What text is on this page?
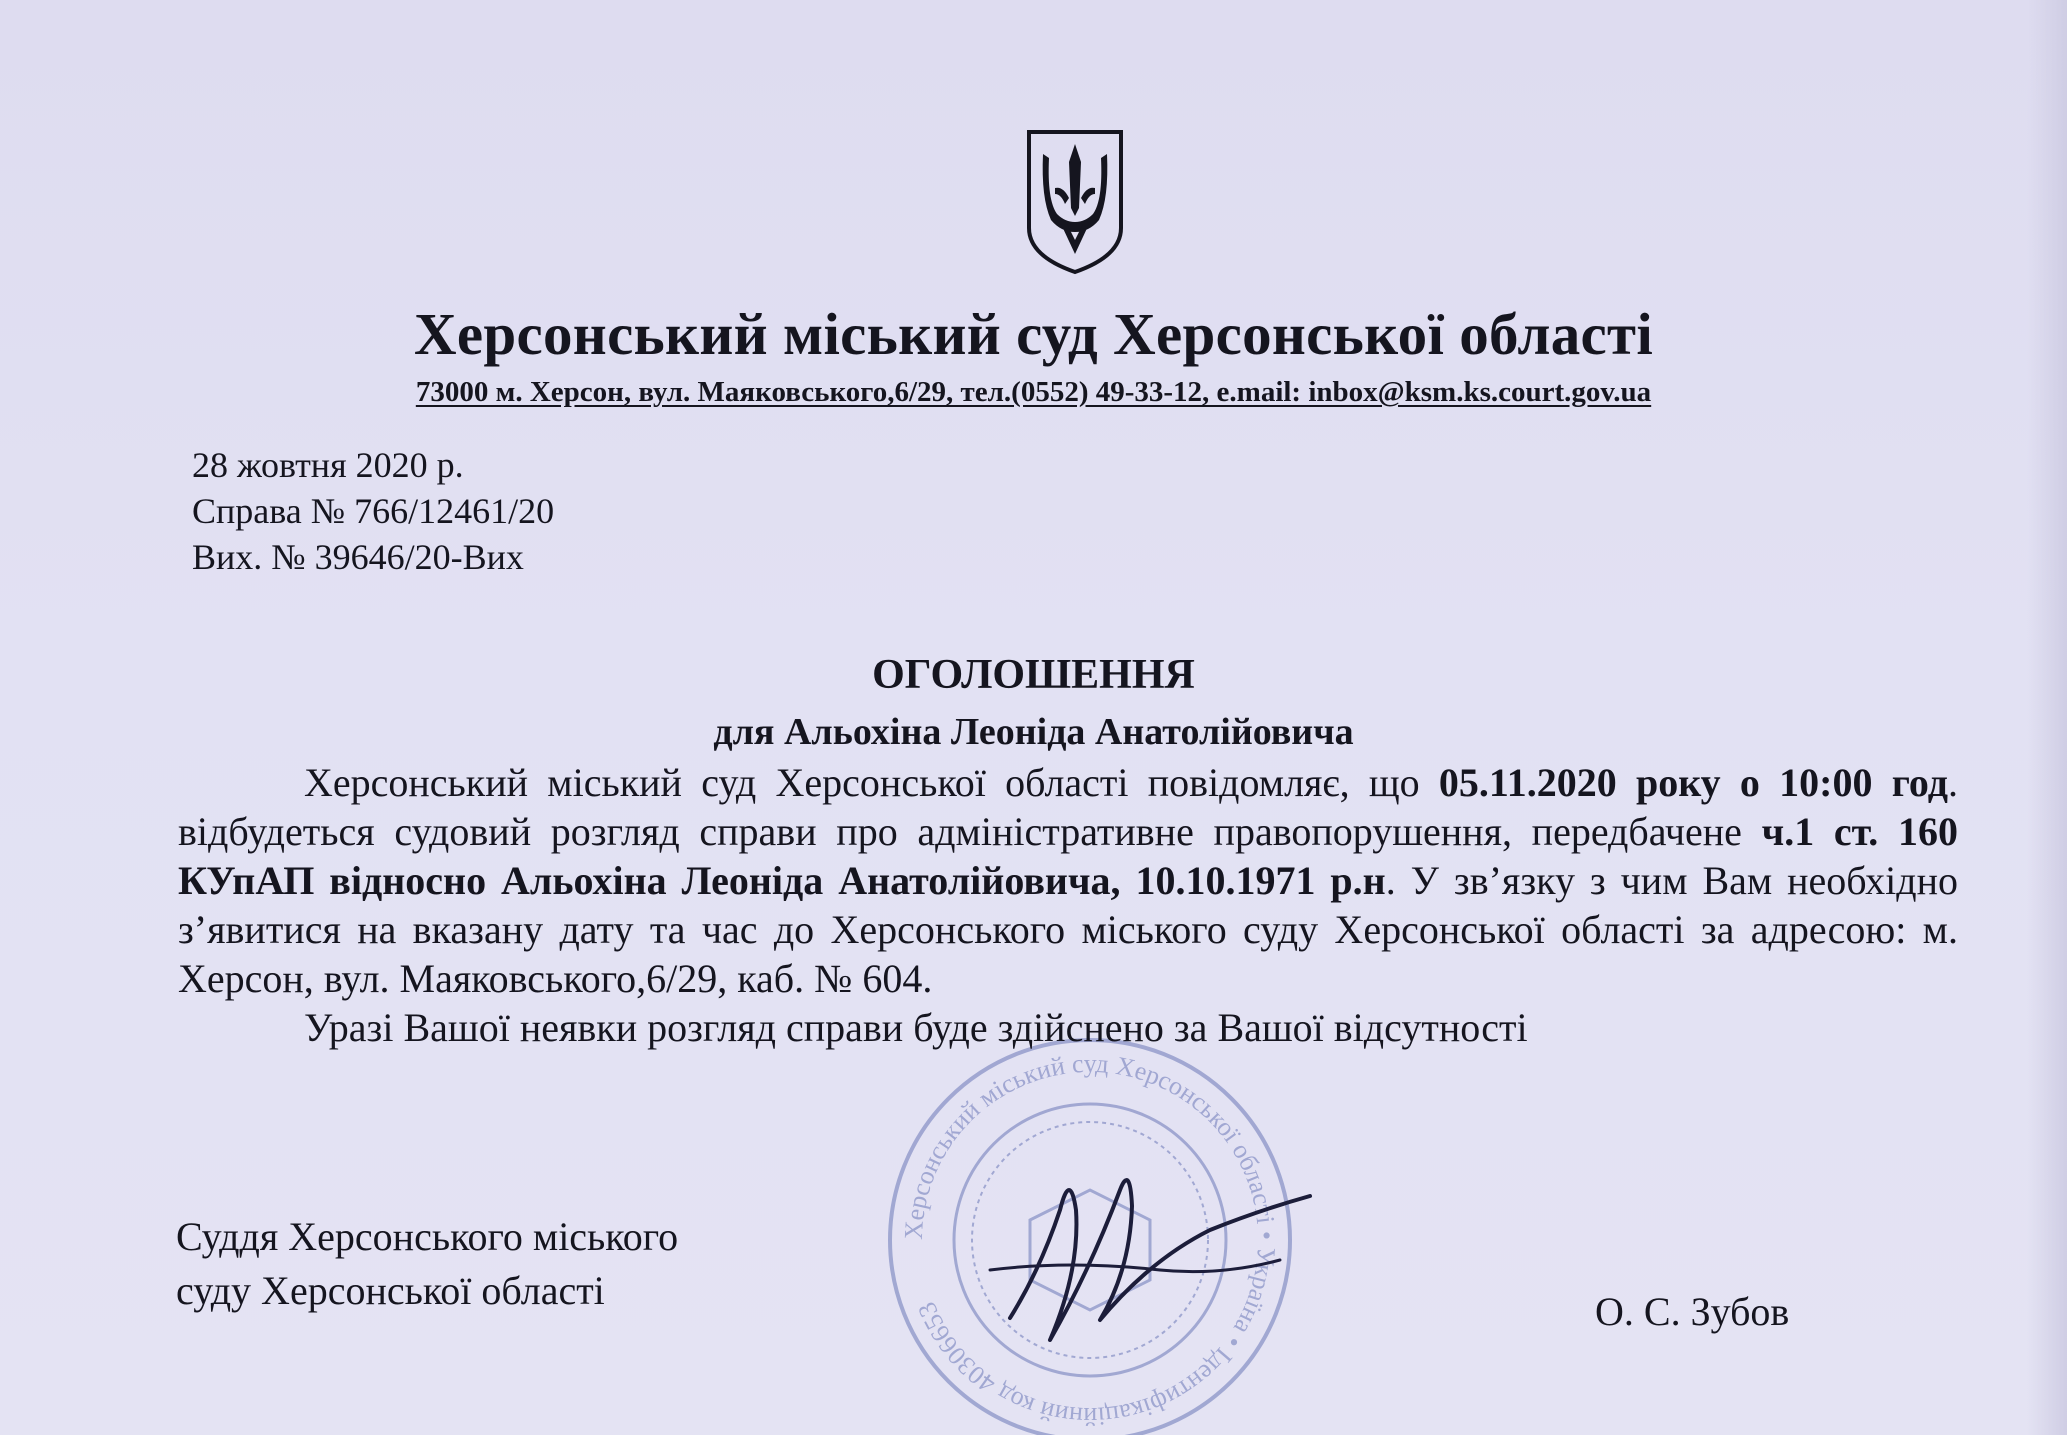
Херсонський міський суд Херсонської області
73000 м. Херсон, вул. Маяковського,6/29, тел.(0552) 49-33-12, e.mail: inbox@ksm.ks.court.gov.ua
28 жовтня 2020 р.
Справа № 766/12461/20
Вих. № 39646/20-Вих
ОГОЛОШЕННЯ
для Альохіна Леоніда Анатолійовича
Херсонський міський суд Херсонської області • Україна • Ідентифікаційний код 40306653

Херсонський міський суд Херсонської області повідомляє, що 05.11.2020 року о 10:00 год. відбудеться судовий розгляд справи про адміністративне правопорушення, передбачене ч.1 ст. 160 КУпАП відносно Альохіна Леоніда Анатолійовича, 10.10.1971 р.н. У зв’язку з чим Вам необхідно з’явитися на вказану дату та час до Херсонського міського суду Херсонської області за адресою: м. Херсон, вул. Маяковського,6/29, каб. № 604.

Уразі Вашої неявки розгляд справи буде здійснено за Вашої відсутності

Суддя Херсонського міського
суду Херсонської області	О. С. Зубов
